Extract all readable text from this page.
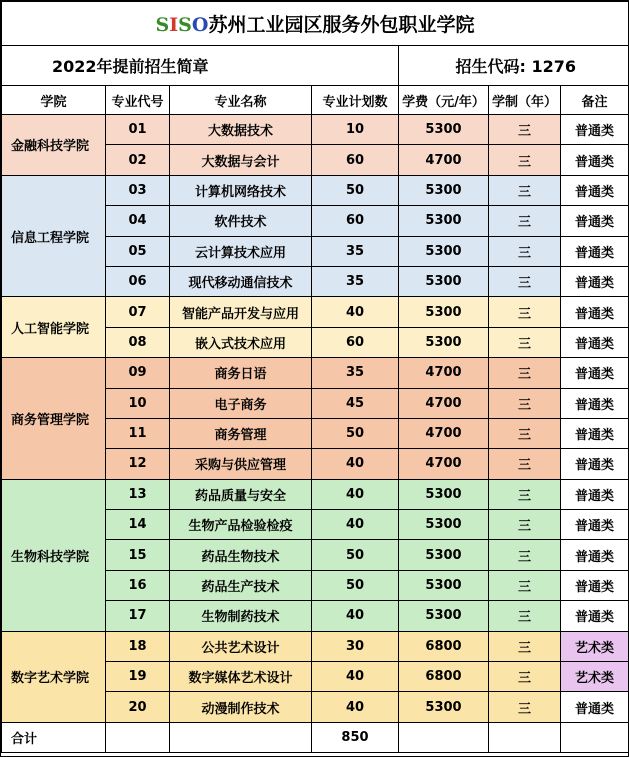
SISO苏州工业园区服务外包职业学院						
2022年提前招生简章				招生代码: 1276		
学院	专业代号	专业名称	专业计划数	学费（元/年）	学制（年）	备注
金融科技学院	01	大数据技术	10	5300	三	普通类
	02	大数据与会计	60	4700	三	普通类
信息工程学院	03	计算机网络技术	50	5300	三	普通类
	04	软件技术	60	5300	三	普通类
	05	云计算技术应用	35	5300	三	普通类
	06	现代移动通信技术	35	5300	三	普通类
人工智能学院	07	智能产品开发与应用	40	5300	三	普通类
	08	嵌入式技术应用	60	5300	三	普通类
商务管理学院	09	商务日语	35	4700	三	普通类
	10	电子商务	45	4700	三	普通类
	11	商务管理	50	4700	三	普通类
	12	采购与供应管理	40	4700	三	普通类
生物科技学院	13	药品质量与安全	40	5300	三	普通类
	14	生物产品检验检疫	40	5300	三	普通类
	15	药品生物技术	50	5300	三	普通类
	16	药品生产技术	50	5300	三	普通类
	17	生物制药技术	40	5300	三	普通类
数字艺术学院	18	公共艺术设计	30	6800	三	艺术类
	19	数字媒体艺术设计	40	6800	三	艺术类
	20	动漫制作技术	40	5300	三	普通类
合计			850			
